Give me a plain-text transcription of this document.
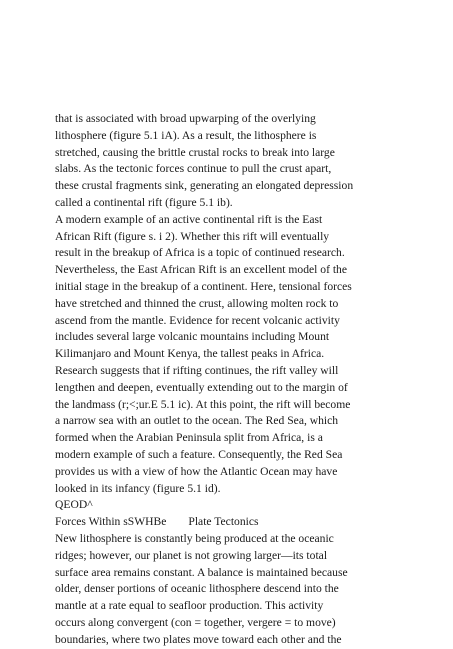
that is associated with broad upwarping of the overlying
lithosphere (figure 5.1 iA). As a result, the lithosphere is
stretched, causing the brittle crustal rocks to break into large
slabs. As the tectonic forces continue to pull the crust apart,
these crustal fragments sink, generating an elongated depression
called a continental rift (figure 5.1 ib).
A modern example of an active continental rift is the East
African Rift (figure s. i 2). Whether this rift will eventually
result in the breakup of Africa is a topic of continued research.
Nevertheless, the East African Rift is an excellent model of the
initial stage in the breakup of a continent. Here, tensional forces
have stretched and thinned the crust, allowing molten rock to
ascend from the mantle. Evidence for recent volcanic activity
includes several large volcanic mountains including Mount
Kilimanjaro and Mount Kenya, the tallest peaks in Africa.
Research suggests that if rifting continues, the rift valley will
lengthen and deepen, eventually extending out to the margin of
the landmass (r;<;ur.E 5.1 ic). At this point, the rift will become
a narrow sea with an outlet to the ocean. The Red Sea, which
formed when the Arabian Peninsula split from Africa, is a
modern example of such a feature. Consequently, the Red Sea
provides us with a view of how the Atlantic Ocean may have
looked in its infancy (figure 5.1 id).
QEOD^
Forces Within sSWHBe Plate Tectonics
New lithosphere is constantly being produced at the oceanic
ridges; however, our planet is not growing larger—its total
surface area remains constant. A balance is maintained because
older, denser portions of oceanic lithosphere descend into the
mantle at a rate equal to seafloor production. This activity
occurs along convergent (con = together, vergere = to move)
boundaries, where two plates move toward each other and the
